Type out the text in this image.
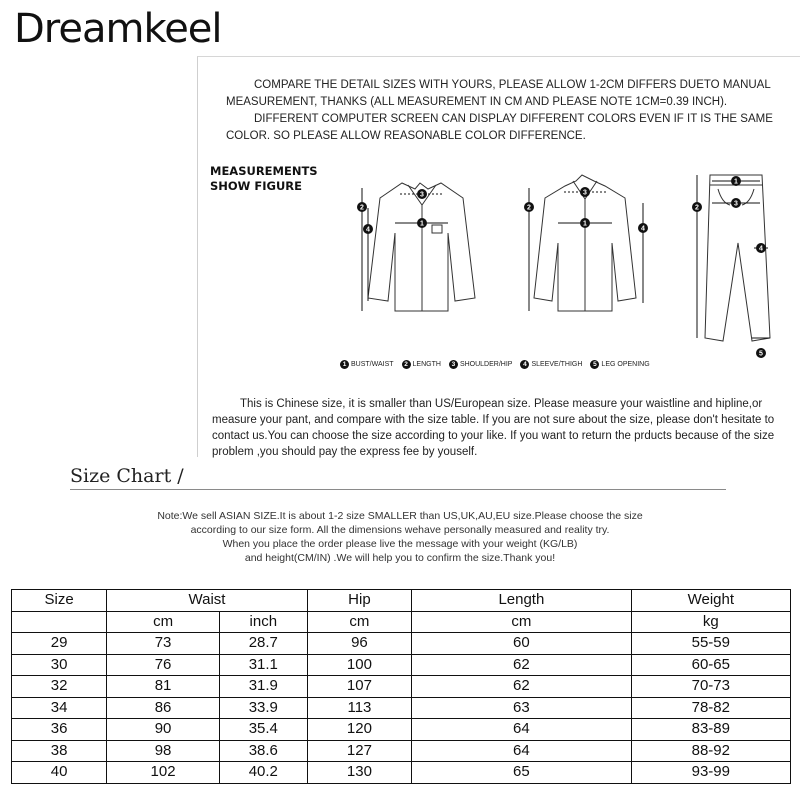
Dreamkeel

COMPARE THE DETAIL SIZES WITH YOURS, PLEASE ALLOW 1-2CM DIFFERS DUETO MANUAL MEASUREMENT, THANKS (ALL MEASUREMENT IN CM AND PLEASE NOTE 1CM=0.39 INCH).

DIFFERENT COMPUTER SCREEN CAN DISPLAY DIFFERENT COLORS EVEN IF IT IS THE SAME COLOR. SO PLEASE ALLOW REASONABLE COLOR DIFFERENCE.

MEASUREMENTS
SHOW FIGURE
3
1
2
4
3
1
2
4
1
3
2
4
5
1 BUST/WAIST	2 LENGTH	3 SHOULDER/HIP	4 SLEEVE/THIGH	5 LEG OPENING

This is Chinese size, it is smaller than US/European size. Please measure your waistline and hipline,or measure your pant, and compare with the size table. If you are not sure about the size, please don't hesitate to contact us.You can choose the size according to your like. If you want to return the prducts because of the size problem ,you should pay the express fee by youself.

Size Chart /
Note:We sell ASIAN SIZE.It is about 1-2 size SMALLER than US,UK,AU,EU size.Please choose the size
according to our size form. All the dimensions wehave personally measured and reality try.
When you place the order please live the message with your weight (KG/LB)
and height(CM/IN) .We will help you to confirm the size.Thank you!
Size	Waist		Hip	Length	Weight
	cm	inch	cm	cm	kg
29	73	28.7	96	60	55-59
30	76	31.1	100	62	60-65
32	81	31.9	107	62	70-73
34	86	33.9	113	63	78-82
36	90	35.4	120	64	83-89
38	98	38.6	127	64	88-92
40	102	40.2	130	65	93-99
